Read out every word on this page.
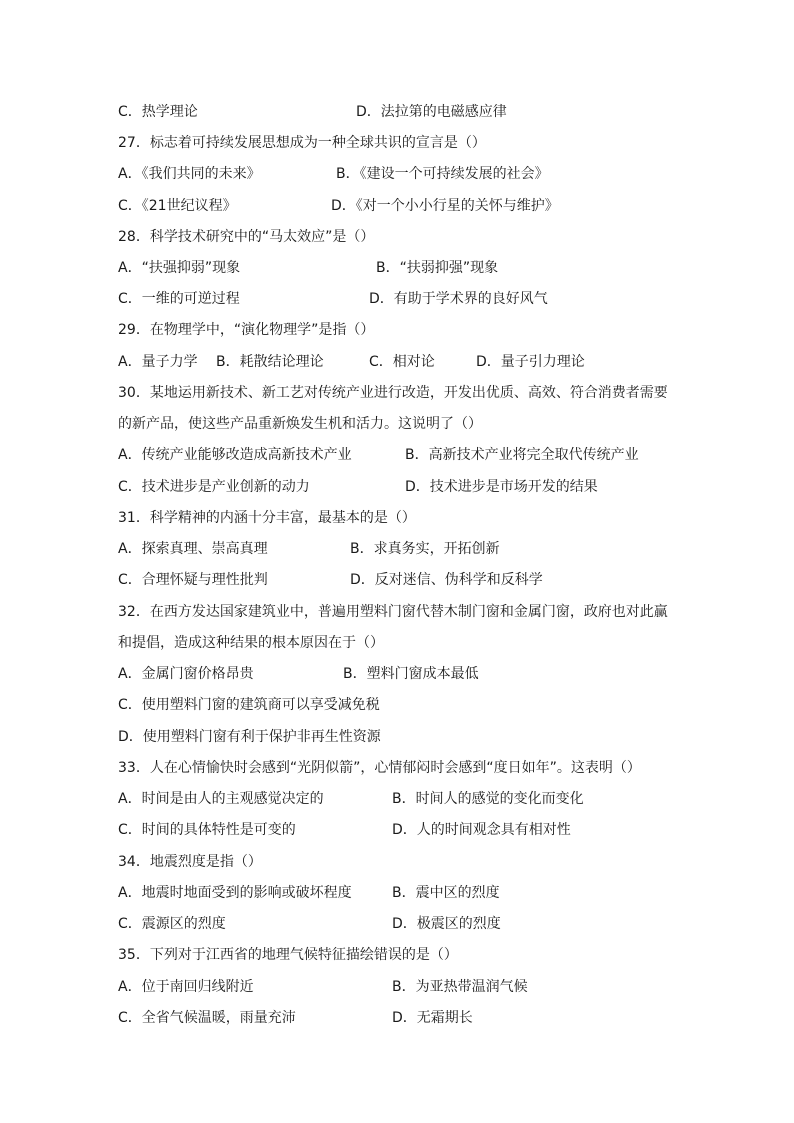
C．热学理论	D．法拉第的电磁感应律
27．标志着可持续发展思想成为一种全球共识的宣言是（）
A．《我们共同的未来》	B．《建设一个可持续发展的社会》
C．《21世纪议程》	D．《对一个小小行星的关怀与维护》
28．科学技术研究中的“马太效应”是（）
A．“扶强抑弱”现象	B．“扶弱抑强”现象
C．一维的可逆过程	D．有助于学术界的良好风气
29．在物理学中，“演化物理学”是指（）
A．量子力学 B．耗散结论理论	C．相对论	D．量子引力理论
30．某地运用新技术、新工艺对传统产业进行改造，开发出优质、高效、符合消费者需要
的新产品，使这些产品重新焕发生机和活力。这说明了（）
A．传统产业能够改造成高新技术产业	B．高新技术产业将完全取代传统产业
C．技术进步是产业创新的动力	D．技术进步是市场开发的结果
31．科学精神的内涵十分丰富，最基本的是（）
A．探索真理、崇高真理	B．求真务实，开拓创新
C．合理怀疑与理性批判	D．反对迷信、伪科学和反科学
32．在西方发达国家建筑业中，普遍用塑料门窗代替木制门窗和金属门窗，政府也对此赢
和提倡，造成这种结果的根本原因在于（）
A．金属门窗价格昂贵	B．塑料门窗成本最低
C．使用塑料门窗的建筑商可以享受减免税
D．使用塑料门窗有利于保护非再生性资源
33．人在心情愉快时会感到“光阴似箭”，心情郁闷时会感到“度日如年”。这表明（）
A．时间是由人的主观感觉决定的	B．时间人的感觉的变化而变化
C．时间的具体特性是可变的	D．人的时间观念具有相对性
34．地震烈度是指（）
A．地震时地面受到的影响或破坏程度	B．震中区的烈度
C．震源区的烈度	D．极震区的烈度
35．下列对于江西省的地理气候特征描绘错误的是（）
A．位于南回归线附近	B．为亚热带温润气候
C．全省气候温暖，雨量充沛	D．无霜期长
